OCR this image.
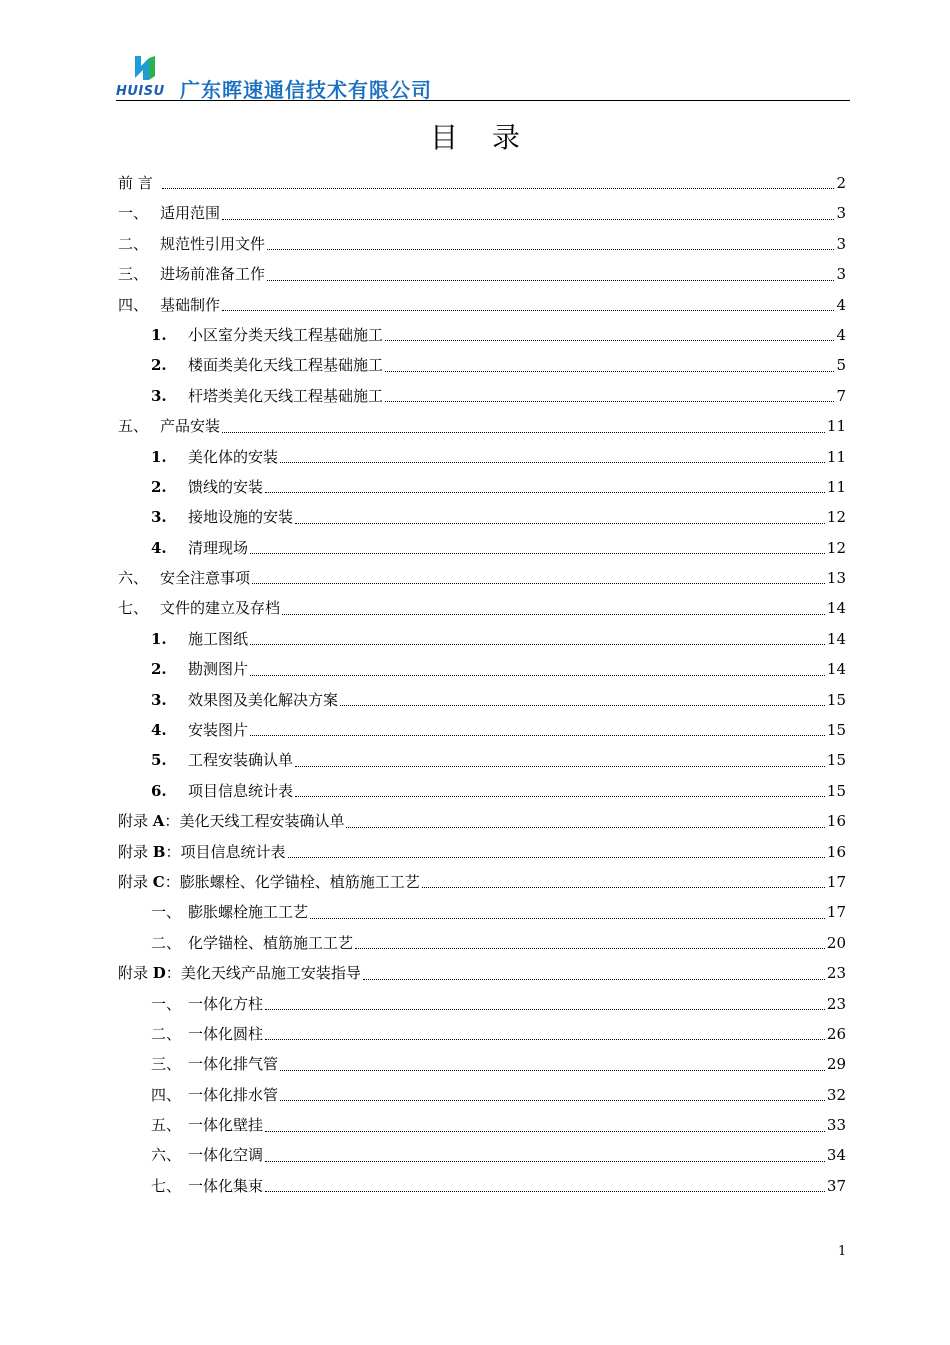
HUISU 广东晖速通信技术有限公司
目录
前 言	2
一、 适用范围	3
二、 规范性引用文件	3
三、 进场前准备工作	3
四、 基础制作	4
1.	小区室分类天线工程基础施工	4
2.	楼面类美化天线工程基础施工	5
3.	杆塔类美化天线工程基础施工	7
五、 产品安装	11
1.	美化体的安装	11
2.	馈线的安装	11
3.	接地设施的安装	12
4.	清理现场	12
六、 安全注意事项	13
七、 文件的建立及存档	14
1.	施工图纸	14
2.	勘测图片	14
3.	效果图及美化解决方案	15
4.	安装图片	15
5.	工程安装确认单	15
6.	项目信息统计表	15
附录 A： 美化天线工程安装确认单	16
附录 B： 项目信息统计表	16
附录 C： 膨胀螺栓、化学锚栓、植筋施工工艺	17
一、 膨胀螺栓施工工艺	17
二、 化学锚栓、植筋施工工艺	20
附录 D： 美化天线产品施工安装指导	23
一、 一体化方柱	23
二、 一体化圆柱	26
三、 一体化排气管	29
四、 一体化排水管	32
五、 一体化壁挂	33
六、 一体化空调	34
七、 一体化集束	37
1
